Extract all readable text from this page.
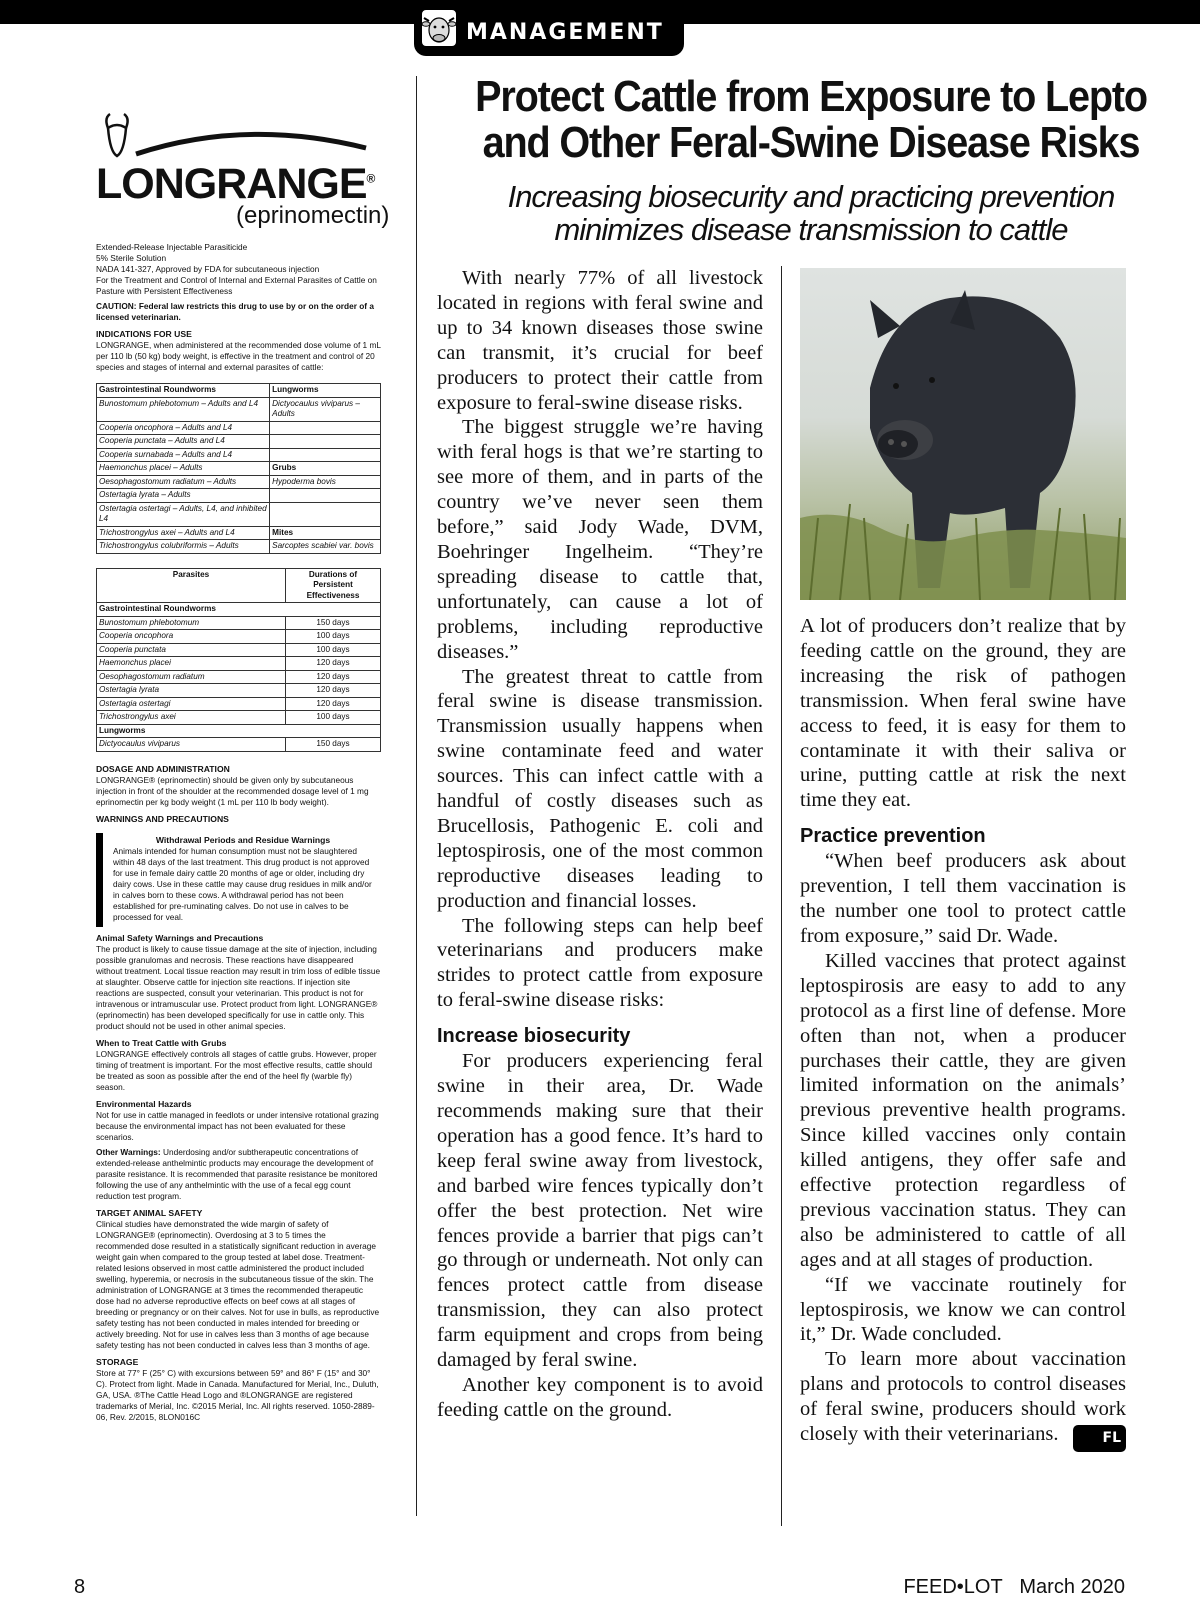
MANAGEMENT
LONGRANGE®
(eprinomectin)
Extended-Release Injectable Parasiticide
5% Sterile Solution
NADA 141-327, Approved by FDA for subcutaneous injection
For the Treatment and Control of Internal and External Parasites of Cattle on Pasture with Persistent Effectiveness
CAUTION: Federal law restricts this drug to use by or on the order of a licensed veterinarian.
INDICATIONS FOR USE
LONGRANGE, when administered at the recommended dose volume of 1 mL per 110 lb (50 kg) body weight, is effective in the treatment and control of 20 species and stages of internal and external parasites of cattle:
Gastrointestinal Roundworms	Lungworms
Bunostomum phlebotomum – Adults and L4	Dictyocaulus viviparus – Adults
Cooperia oncophora – Adults and L4	
Cooperia punctata – Adults and L4	
Cooperia surnabada – Adults and L4	
Haemonchus placei – Adults	Grubs
Oesophagostomum radiatum – Adults	Hypoderma bovis
Ostertagia lyrata – Adults	
Ostertagia ostertagi – Adults, L4, and inhibited L4	
Trichostrongylus axei – Adults and L4	Mites
Trichostrongylus colubriformis – Adults	Sarcoptes scabiei var. bovis
Parasites	Durations of Persistent Effectiveness
Gastrointestinal Roundworms	
Bunostomum phlebotomum	150 days
Cooperia oncophora	100 days
Cooperia punctata	100 days
Haemonchus placei	120 days
Oesophagostomum radiatum	120 days
Ostertagia lyrata	120 days
Ostertagia ostertagi	120 days
Trichostrongylus axei	100 days
Lungworms	
Dictyocaulus viviparus	150 days
DOSAGE AND ADMINISTRATION
LONGRANGE® (eprinomectin) should be given only by subcutaneous injection in front of the shoulder at the recommended dosage level of 1 mg eprinomectin per kg body weight (1 mL per 110 lb body weight).
WARNINGS AND PRECAUTIONS
Withdrawal Periods and Residue Warnings
Animals intended for human consumption must not be slaughtered within 48 days of the last treatment. This drug product is not approved for use in female dairy cattle 20 months of age or older, including dry dairy cows. Use in these cattle may cause drug residues in milk and/or in calves born to these cows. A withdrawal period has not been established for pre-ruminating calves. Do not use in calves to be processed for veal.
Animal Safety Warnings and Precautions
The product is likely to cause tissue damage at the site of injection, including possible granulomas and necrosis. These reactions have disappeared without treatment. Local tissue reaction may result in trim loss of edible tissue at slaughter. Observe cattle for injection site reactions. If injection site reactions are suspected, consult your veterinarian. This product is not for intravenous or intramuscular use. Protect product from light. LONGRANGE® (eprinomectin) has been developed specifically for use in cattle only. This product should not be used in other animal species.
When to Treat Cattle with Grubs
LONGRANGE effectively controls all stages of cattle grubs. However, proper timing of treatment is important. For the most effective results, cattle should be treated as soon as possible after the end of the heel fly (warble fly) season.
Environmental Hazards
Not for use in cattle managed in feedlots or under intensive rotational grazing because the environmental impact has not been evaluated for these scenarios.
Other Warnings: Underdosing and/or subtherapeutic concentrations of extended-release anthelmintic products may encourage the development of parasite resistance. It is recommended that parasite resistance be monitored following the use of any anthelmintic with the use of a fecal egg count reduction test program.
TARGET ANIMAL SAFETY
Clinical studies have demonstrated the wide margin of safety of LONGRANGE® (eprinomectin). Overdosing at 3 to 5 times the recommended dose resulted in a statistically significant reduction in average weight gain when compared to the group tested at label dose. Treatment-related lesions observed in most cattle administered the product included swelling, hyperemia, or necrosis in the subcutaneous tissue of the skin. The administration of LONGRANGE at 3 times the recommended therapeutic dose had no adverse reproductive effects on beef cows at all stages of breeding or pregnancy or on their calves. Not for use in bulls, as reproductive safety testing has not been conducted in males intended for breeding or actively breeding. Not for use in calves less than 3 months of age because safety testing has not been conducted in calves less than 3 months of age.
STORAGE
Store at 77° F (25° C) with excursions between 59° and 86° F (15° and 30° C). Protect from light. Made in Canada. Manufactured for Merial, Inc., Duluth, GA, USA. ®The Cattle Head Logo and ®LONGRANGE are registered trademarks of Merial, Inc. ©2015 Merial, Inc. All rights reserved. 1050-2889-06, Rev. 2/2015, 8LON016C
Protect Cattle from Exposure to Lepto
and Other Feral-Swine Disease Risks
Increasing biosecurity and practicing prevention
minimizes disease transmission to cattle

With nearly 77% of all livestock located in regions with feral swine and up to 34 known diseases those swine can transmit, it’s crucial for beef producers to protect their cattle from exposure to feral-swine disease risks.

The biggest struggle we’re having with feral hogs is that we’re starting to see more of them, and in parts of the country we’ve never seen them before,” said Jody Wade, DVM, Boehringer Ingelheim. “They’re spreading disease to cattle that, unfortunately, can cause a lot of problems, including reproductive diseases.”

The greatest threat to cattle from feral swine is disease transmission. Transmission usually happens when swine contaminate feed and water sources. This can infect cattle with a handful of costly diseases such as Brucellosis, Pathogenic E. coli and leptospirosis, one of the most common reproductive diseases leading to production and financial losses.

The following steps can help beef veterinarians and producers make strides to protect cattle from exposure to feral-swine disease risks:

Increase biosecurity

For producers experiencing feral swine in their area, Dr. Wade recommends making sure that their operation has a good fence. It’s hard to keep feral swine away from livestock, and barbed wire fences typically don’t offer the best protection. Net wire fences provide a barrier that pigs can’t go through or underneath. Not only can fences protect cattle from disease transmission, they can also protect farm equipment and crops from being damaged by feral swine.

Another key component is to avoid feeding cattle on the ground.

A lot of producers don’t realize that by feeding cattle on the ground, they are increasing the risk of pathogen transmission. When feral swine have access to feed, it is easy for them to contaminate it with their saliva or urine, putting cattle at risk the next time they eat.

Practice prevention

“When beef producers ask about prevention, I tell them vaccination is the number one tool to protect cattle from exposure,” said Dr. Wade.

Killed vaccines that protect against leptospirosis are easy to add to any protocol as a first line of defense. More often than not, when a producer purchases their cattle, they are given limited information on the animals’ previous preventive health programs. Since killed vaccines only contain killed antigens, they offer safe and effective protection regardless of previous vaccination status. They can also be administered to cattle of all ages and at all stages of production.

“If we vaccinate routinely for leptospirosis, we know we can control it,” Dr. Wade concluded.

To learn more about vaccination plans and protocols to control diseases of feral swine, producers should work closely with their veterinarians.	FL

8	FEED•LOT March 2020
